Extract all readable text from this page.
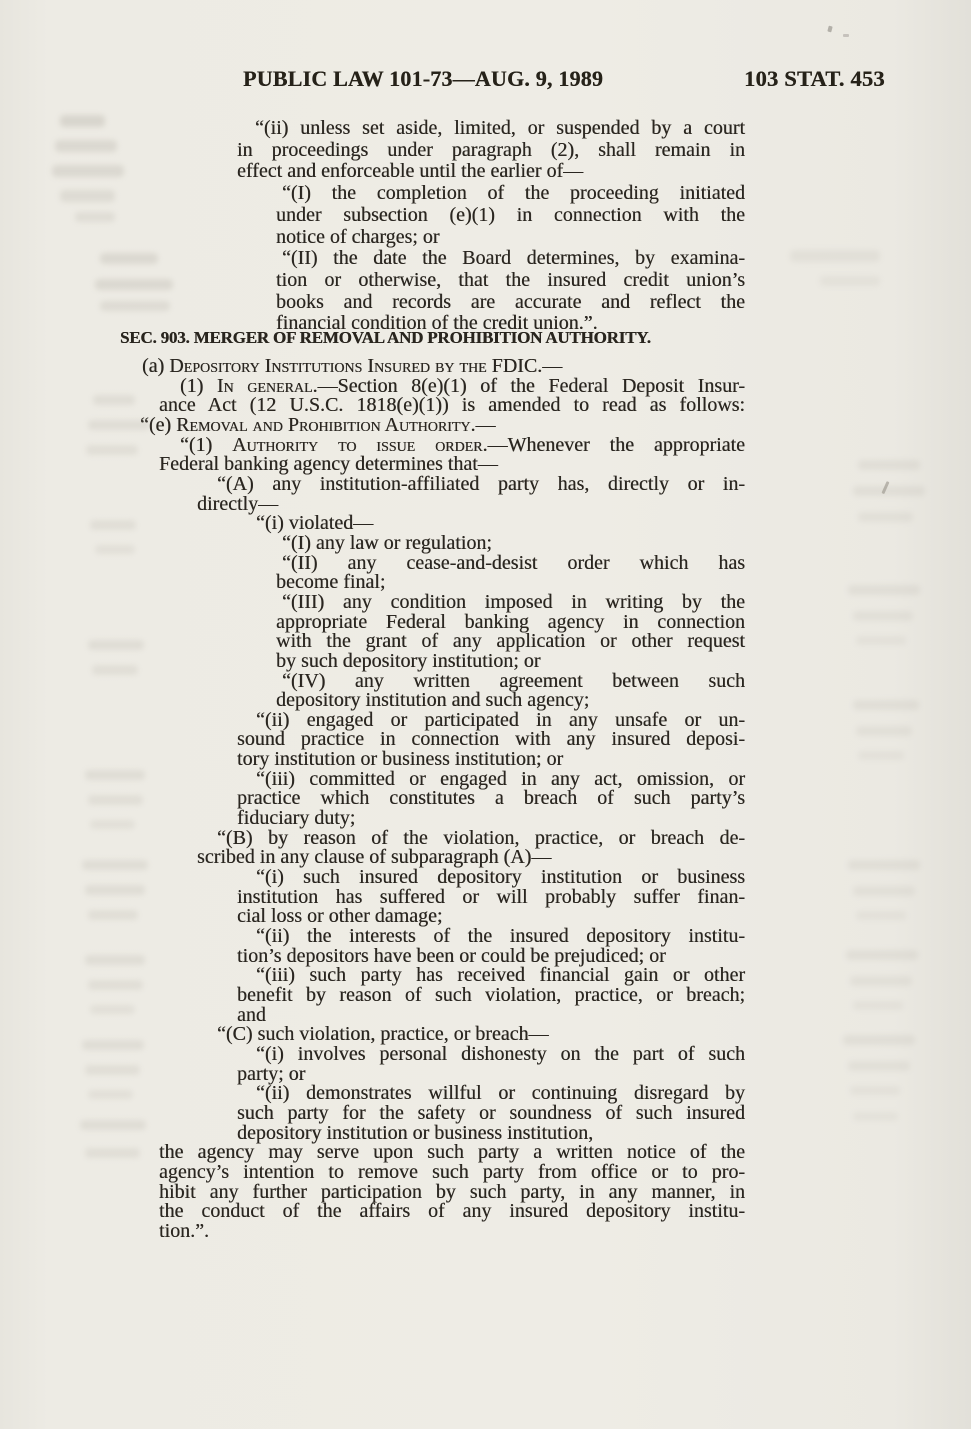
PUBLIC LAW 101-73—AUG. 9, 1989	103 STAT. 453
“(ii) unless set aside, limited, or suspended by a court
in proceedings under paragraph (2), shall remain in
effect and enforceable until the earlier of—
“(I) the completion of the proceeding initiated
under subsection (e)(1) in connection with the
notice of charges; or
“(II) the date the Board determines, by examina-
tion or otherwise, that the insured credit union’s
books and records are accurate and reflect the
financial condition of the credit union.”.
SEC. 903. MERGER OF REMOVAL AND PROHIBITION AUTHORITY.
(a) Depository Institutions Insured by the FDIC.—
(1) In general.—Section 8(e)(1) of the Federal Deposit Insur-
ance Act (12 U.S.C. 1818(e)(1)) is amended to read as follows:
“(e) Removal and Prohibition Authority.—
“(1) Authority to issue order.—Whenever the appropriate
Federal banking agency determines that—
“(A) any institution-affiliated party has, directly or in-
directly—
“(i) violated—
“(I) any law or regulation;
“(II) any cease-and-desist order which has
become final;
“(III) any condition imposed in writing by the
appropriate Federal banking agency in connection
with the grant of any application or other request
by such depository institution; or
“(IV) any written agreement between such
depository institution and such agency;
“(ii) engaged or participated in any unsafe or un-
sound practice in connection with any insured deposi-
tory institution or business institution; or
“(iii) committed or engaged in any act, omission, or
practice which constitutes a breach of such party’s
fiduciary duty;
“(B) by reason of the violation, practice, or breach de-
scribed in any clause of subparagraph (A)—
“(i) such insured depository institution or business
institution has suffered or will probably suffer finan-
cial loss or other damage;
“(ii) the interests of the insured depository institu-
tion’s depositors have been or could be prejudiced; or
“(iii) such party has received financial gain or other
benefit by reason of such violation, practice, or breach;
and
“(C) such violation, practice, or breach—
“(i) involves personal dishonesty on the part of such
party; or
“(ii) demonstrates willful or continuing disregard by
such party for the safety or soundness of such insured
depository institution or business institution,
the agency may serve upon such party a written notice of the
agency’s intention to remove such party from office or to pro-
hibit any further participation by such party, in any manner, in
the conduct of the affairs of any insured depository institu-
tion.”.
